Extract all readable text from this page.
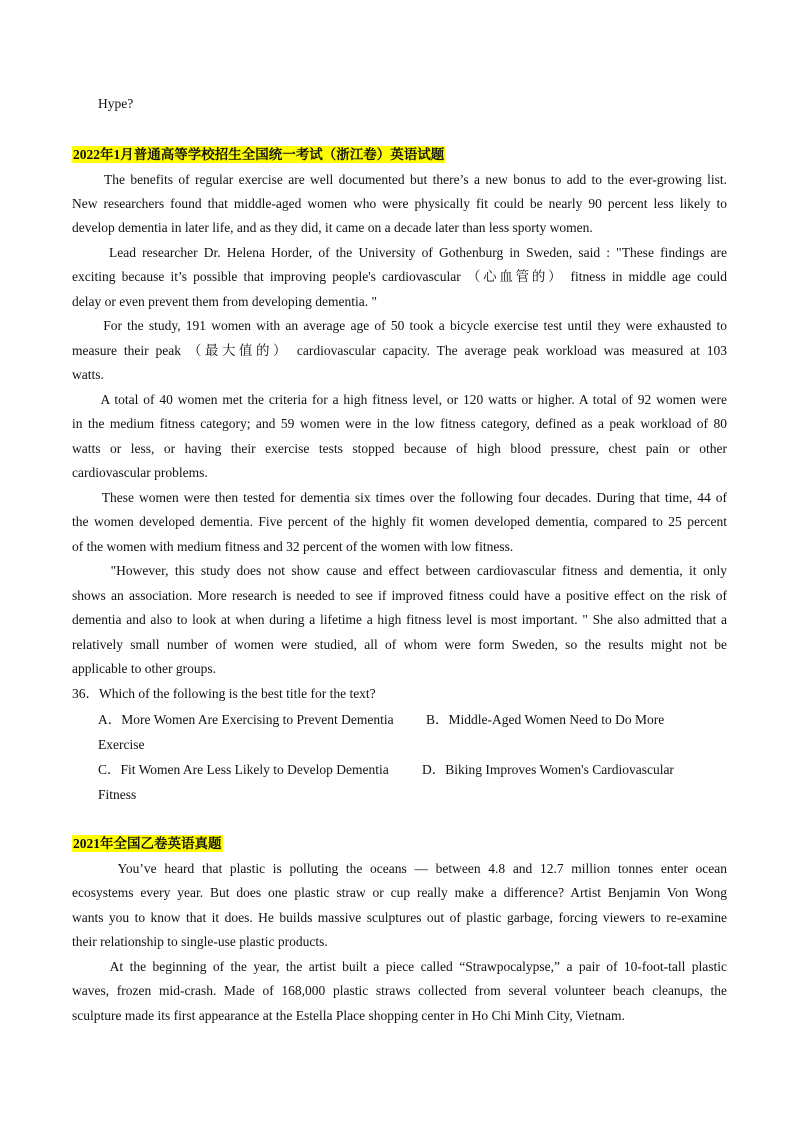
Hype?
2022年1月普通高等学校招生全国统一考试（浙江卷）英语试题
The benefits of regular exercise are well documented but there’s a new bonus to add to the ever-growing list.
New researchers found that middle-aged women who were physically fit could be nearly 90 percent less likely to
develop dementia in later life, and as they did, it came on a decade later than less sporty women.
Lead researcher Dr. Helena Horder, of the University of Gothenburg in Sweden, said : "These findings are
exciting because it’s possible that improving people's cardiovascular （心血管的） fitness in middle age could
delay or even prevent them from developing dementia. "
For the study, 191 women with an average age of 50 took a bicycle exercise test until they were exhausted to
measure their peak （最大值的） cardiovascular capacity. The average peak workload was measured at 103
watts.
A total of 40 women met the criteria for a high fitness level, or 120 watts or higher. A total of 92 women were
in the medium fitness category; and 59 women were in the low fitness category, defined as a peak workload of 80
watts or less, or having their exercise tests stopped because of high blood pressure, chest pain or other
cardiovascular problems.
These women were then tested for dementia six times over the following four decades. During that time, 44 of
the women developed dementia. Five percent of the highly fit women developed dementia, compared to 25 percent
of the women with medium fitness and 32 percent of the women with low fitness.
"However, this study does not show cause and effect between cardiovascular fitness and dementia, it only
shows an association. More research is needed to see if improved fitness could have a positive effect on the risk of
dementia and also to look at when during a lifetime a high fitness level is most important. " She also admitted that a
relatively small number of women were studied, all of whom were form Sweden, so the results might not be
applicable to other groups.
36．Which of the following is the best title for the text?
A．More Women Are Exercising to Prevent Dementia B．Middle-Aged Women Need to Do More
Exercise
C．Fit Women Are Less Likely to Develop Dementia D．Biking Improves Women's Cardiovascular
Fitness
2021年全国乙卷英语真题
You’ve heard that plastic is polluting the oceans — between 4.8 and 12.7 million tonnes enter ocean
ecosystems every year. But does one plastic straw or cup really make a difference? Artist Benjamin Von Wong
wants you to know that it does. He builds massive sculptures out of plastic garbage, forcing viewers to re-examine
their relationship to single-use plastic products.
At the beginning of the year, the artist built a piece called “Strawpocalypse,” a pair of 10-foot-tall plastic
waves, frozen mid-crash. Made of 168,000 plastic straws collected from several volunteer beach cleanups, the
sculpture made its first appearance at the Estella Place shopping center in Ho Chi Minh City, Vietnam.
